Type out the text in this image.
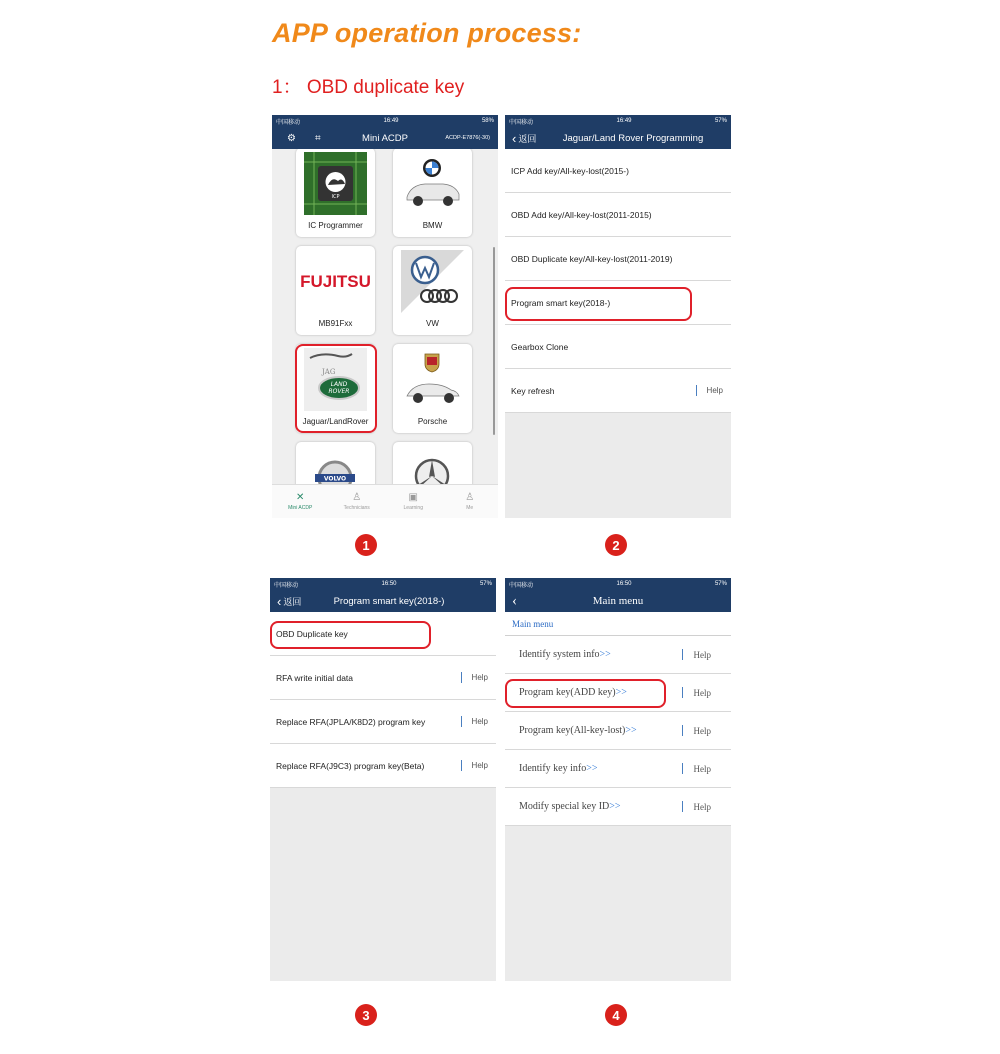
APP operation process:
1： OBD duplicate key
中国移动	16:49	58%
⚙ ⌗	Mini ACDP	ACDP-E7876(-30)
ICP
IC Programmer	BMW
FUJITSU
MB91Fxx	VW
JAG
LAND
ROVER
Jaguar/LandRover	Porsche
VOLVO
✕
Mini ACDP
♙
Technicians
▣
Learning
♙
Me
中国移动	16:49	57%
‹ 返回	Jaguar/Land Rover Programming
ICP Add key/All-key-lost(2015-)
OBD Add key/All-key-lost(2011-2015)
OBD Duplicate key/All-key-lost(2011-2019)
Program smart key(2018-)
Gearbox Clone
Key refresh	Help
中国移动	16:50	57%
‹ 返回	Program smart key(2018-)
OBD Duplicate key
RFA write initial data	Help
Replace RFA(JPLA/K8D2) program key	Help
Replace RFA(J9C3) program key(Beta)	Help
中国移动	16:50	57%
‹	Main menu
Main menu
Identify system info >>	Help
Program key(ADD key) >>	Help
Program key(All-key-lost) >>	Help
Identify key info >>	Help
Modify special key ID >>	Help
1	2
3	4
